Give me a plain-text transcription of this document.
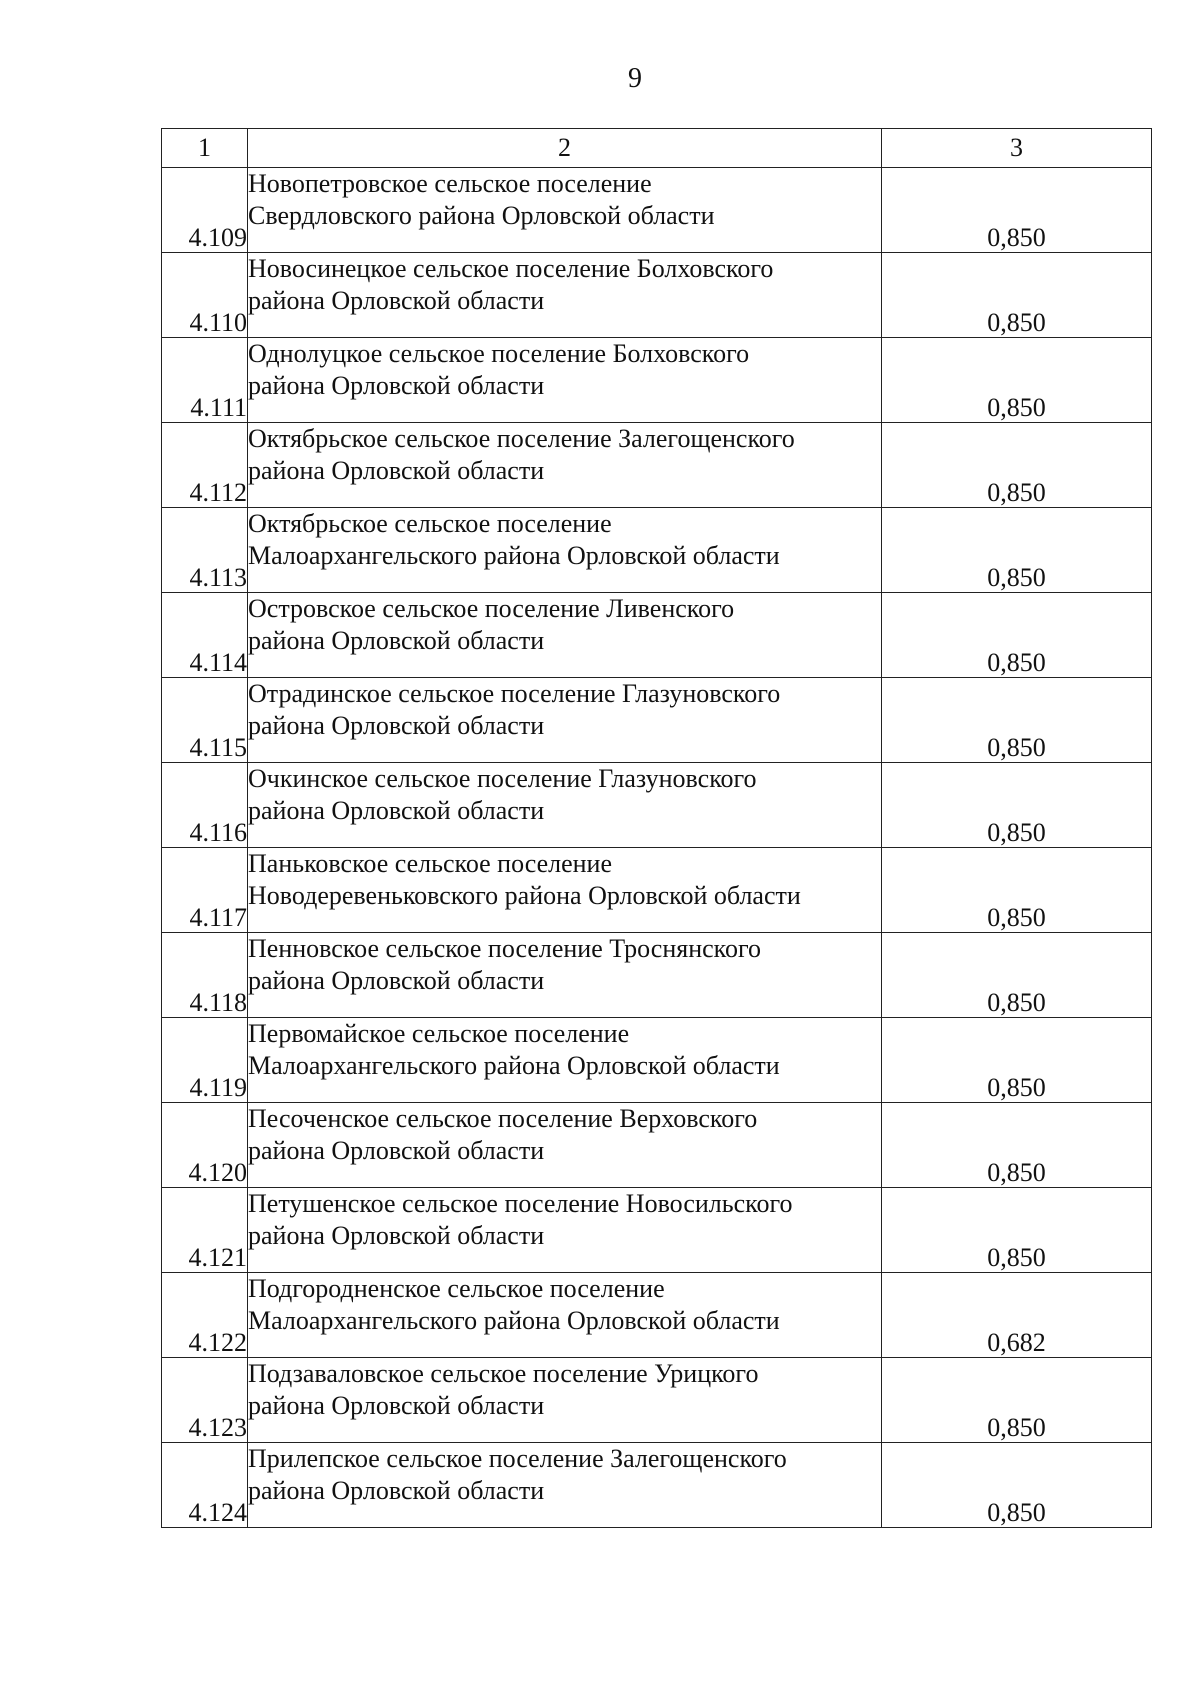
9
1	2	3
4.109	Новопетровское сельское поселение
Свердловского района Орловской области	0,850
4.110	Новосинецкое сельское поселение Болховского
района Орловской области	0,850
4.111	Однолуцкое сельское поселение Болховского
района Орловской области	0,850
4.112	Октябрьское сельское поселение Залегощенского
района Орловской области	0,850
4.113	Октябрьское сельское поселение
Малоархангельского района Орловской области	0,850
4.114	Островское сельское поселение Ливенского
района Орловской области	0,850
4.115	Отрадинское сельское поселение Глазуновского
района Орловской области	0,850
4.116	Очкинское сельское поселение Глазуновского
района Орловской области	0,850
4.117	Паньковское сельское поселение
Новодеревеньковского района Орловской области	0,850
4.118	Пенновское сельское поселение Троснянского
района Орловской области	0,850
4.119	Первомайское сельское поселение
Малоархангельского района Орловской области	0,850
4.120	Песоченское сельское поселение Верховского
района Орловской области	0,850
4.121	Петушенское сельское поселение Новосильского
района Орловской области	0,850
4.122	Подгородненское сельское поселение
Малоархангельского района Орловской области	0,682
4.123	Подзаваловское сельское поселение Урицкого
района Орловской области	0,850
4.124	Прилепское сельское поселение Залегощенского
района Орловской области	0,850
